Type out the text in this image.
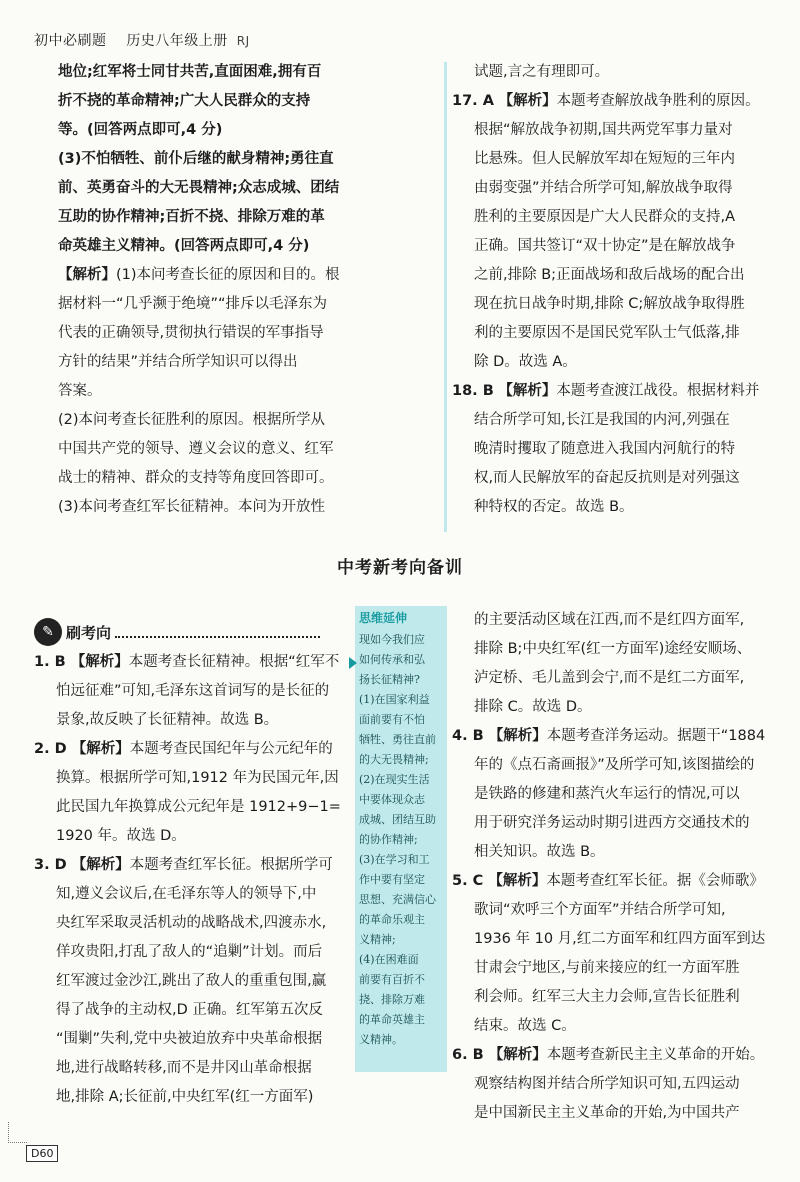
初中必刷题 历史八年级上册 RJ

地位;红军将士同甘共苦,直面困难,拥有百

折不挠的革命精神;广大人民群众的支持

等。(回答两点即可,4 分)

(3)不怕牺牲、前仆后继的献身精神;勇往直

前、英勇奋斗的大无畏精神;众志成城、团结

互助的协作精神;百折不挠、排除万难的革

命英雄主义精神。(回答两点即可,4 分)

【解析】(1)本问考查长征的原因和目的。根

据材料一“几乎濒于绝境”“排斥以毛泽东为

代表的正确领导,贯彻执行错误的军事指导

方针的结果”并结合所学知识可以得出

答案。

(2)本问考查长征胜利的原因。根据所学从

中国共产党的领导、遵义会议的意义、红军

战士的精神、群众的支持等角度回答即可。

(3)本问考查红军长征精神。本问为开放性

试题,言之有理即可。

17. A 【解析】本题考查解放战争胜利的原因。

根据“解放战争初期,国共两党军事力量对

比悬殊。但人民解放军却在短短的三年内

由弱变强”并结合所学可知,解放战争取得

胜利的主要原因是广大人民群众的支持,A

正确。国共签订“双十协定”是在解放战争

之前,排除 B;正面战场和敌后战场的配合出

现在抗日战争时期,排除 C;解放战争取得胜

利的主要原因不是国民党军队士气低落,排

除 D。故选 A。

18. B 【解析】本题考查渡江战役。根据材料并

结合所学可知,长江是我国的内河,列强在

晚清时攫取了随意进入我国内河航行的特

权,而人民解放军的奋起反抗则是对列强这

种特权的否定。故选 B。

中考新考向备训
✎ 刷考向

1. B 【解析】本题考查长征精神。根据“红军不

怕远征难”可知,毛泽东这首词写的是长征的

景象,故反映了长征精神。故选 B。

2. D 【解析】本题考查民国纪年与公元纪年的

换算。根据所学可知,1912 年为民国元年,因

此民国九年换算成公元纪年是 1912+9−1=

1920 年。故选 D。

3. D 【解析】本题考查红军长征。根据所学可

知,遵义会议后,在毛泽东等人的领导下,中

央红军采取灵活机动的战略战术,四渡赤水,

佯攻贵阳,打乱了敌人的“追剿”计划。而后

红军渡过金沙江,跳出了敌人的重重包围,赢

得了战争的主动权,D 正确。红军第五次反

“围剿”失利,党中央被迫放弃中央革命根据

地,进行战略转移,而不是井冈山革命根据

地,排除 A;长征前,中央红军(红一方面军)

思维延伸

现如今我们应

如何传承和弘

扬长征精神?

(1)在国家利益

面前要有不怕

牺牲、勇往直前

的大无畏精神;

(2)在现实生活

中要体现众志

成城、团结互助

的协作精神;

(3)在学习和工

作中要有坚定

思想、充满信心

的革命乐观主

义精神;

(4)在困难面

前要有百折不

挠、排除万难

的革命英雄主

义精神。

的主要活动区域在江西,而不是红四方面军,

排除 B;中央红军(红一方面军)途经安顺场、

泸定桥、毛儿盖到会宁,而不是红二方面军,

排除 C。故选 D。

4. B 【解析】本题考查洋务运动。据题干“1884

年的《点石斋画报》”及所学可知,该图描绘的

是铁路的修建和蒸汽火车运行的情况,可以

用于研究洋务运动时期引进西方交通技术的

相关知识。故选 B。

5. C 【解析】本题考查红军长征。据《会师歌》

歌词“欢呼三个方面军”并结合所学可知,

1936 年 10 月,红二方面军和红四方面军到达

甘肃会宁地区,与前来接应的红一方面军胜

利会师。红军三大主力会师,宣告长征胜利

结束。故选 C。

6. B 【解析】本题考查新民主主义革命的开始。

观察结构图并结合所学知识可知,五四运动

是中国新民主主义革命的开始,为中国共产

D60
